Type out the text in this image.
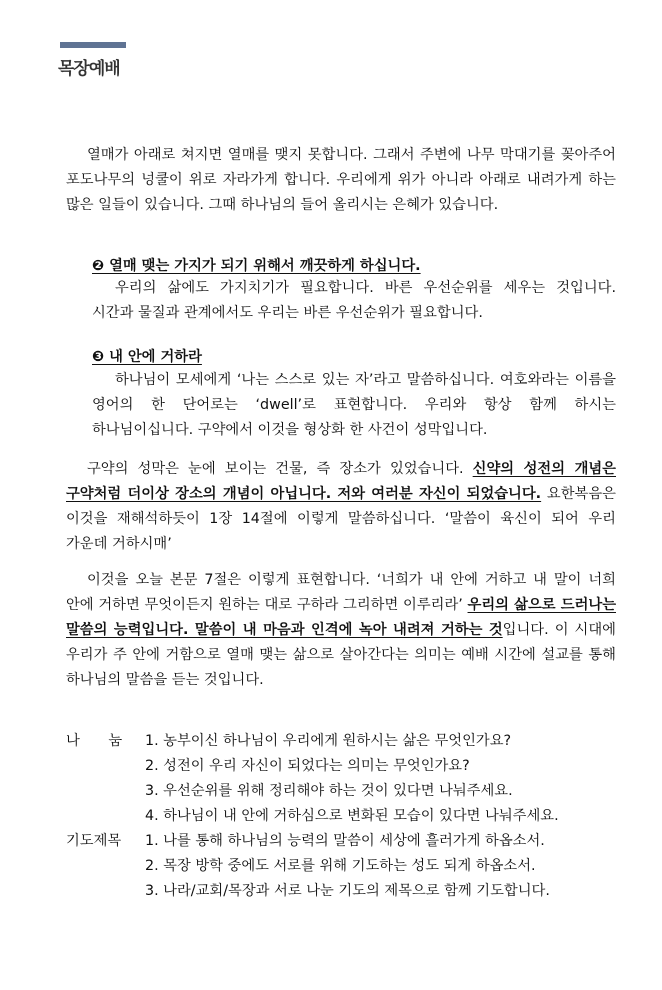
목장예배

열매가 아래로 쳐지면 열매를 맺지 못합니다. 그래서 주변에 나무 막대기를 꽂아주어 포도나무의 넝쿨이 위로 자라가게 합니다. 우리에게 위가 아니라 아래로 내려가게 하는 많은 일들이 있습니다. 그때 하나님의 들어 올리시는 은혜가 있습니다.

❷ 열매 맺는 가지가 되기 위해서 깨끗하게 하십니다.

우리의 삶에도 가지치기가 필요합니다. 바른 우선순위를 세우는 것입니다. 시간과 물질과 관계에서도 우리는 바른 우선순위가 필요합니다.

❸ 내 안에 거하라

하나님이 모세에게 ‘나는 스스로 있는 자’라고 말씀하십니다. 여호와라는 이름을 영어의 한 단어로는 ‘dwell’로 표현합니다. 우리와 항상 함께 하시는 하나님이십니다. 구약에서 이것을 형상화 한 사건이 성막입니다.

구약의 성막은 눈에 보이는 건물, 즉 장소가 있었습니다. 신약의 성전의 개념은 구약처럼 더이상 장소의 개념이 아닙니다. 저와 여러분 자신이 되었습니다. 요한복음은 이것을 재해석하듯이 1장 14절에 이렇게 말씀하십니다. ‘말씀이 육신이 되어 우리 가운데 거하시매’

이것을 오늘 본문 7절은 이렇게 표현합니다. ‘너희가 내 안에 거하고 내 말이 너희 안에 거하면 무엇이든지 원하는 대로 구하라 그리하면 이루리라’ 우리의 삶으로 드러나는 말씀의 능력입니다. 말씀이 내 마음과 인격에 녹아 내려져 거하는 것입니다. 이 시대에 우리가 주 안에 거함으로 열매 맺는 삶으로 살아간다는 의미는 예배 시간에 설교를 통해 하나님의 말씀을 듣는 것입니다.

나　　눔 1. 농부이신 하나님이 우리에게 원하시는 삶은 무엇인가요?
2. 성전이 우리 자신이 되었다는 의미는 무엇인가요?
3. 우선순위를 위해 정리해야 하는 것이 있다면 나눠주세요.
4. 하나님이 내 안에 거하심으로 변화된 모습이 있다면 나눠주세요.
기도제목 1. 나를 통해 하나님의 능력의 말씀이 세상에 흘러가게 하옵소서.
2. 목장 방학 중에도 서로를 위해 기도하는 성도 되게 하옵소서.
3. 나라/교회/목장과 서로 나눈 기도의 제목으로 함께 기도합니다.
